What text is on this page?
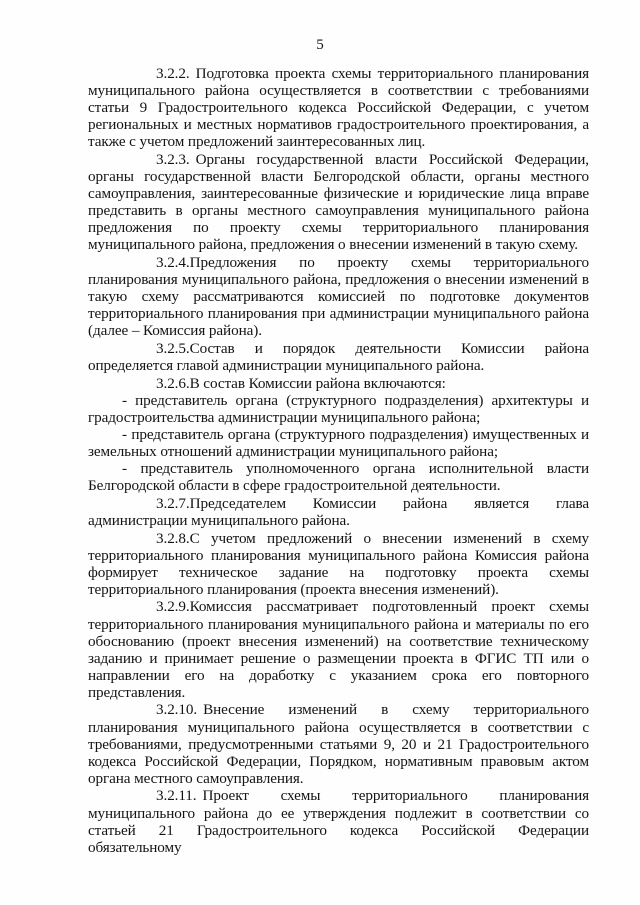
5

3.2.2. Подготовка проекта схемы территориального планирования муниципального района осуществляется в соответствии с требованиями статьи 9 Градостроительного кодекса Российской Федерации, с учетом региональных и местных нормативов градостроительного проектирования, а также с учетом предложений заинтересованных лиц.

3.2.3. Органы государственной власти Российской Федерации, органы государственной власти Белгородской области, органы местного самоуправления, заинтересованные физические и юридические лица вправе представить в органы местного самоуправления муниципального района предложения по проекту схемы территориального планирования муниципального района, предложения о внесении изменений в такую схему.

3.2.4.Предложения по проекту схемы территориального планирования муниципального района, предложения о внесении изменений в такую схему рассматриваются комиссией по подготовке документов территориального планирования при администрации муниципального района (далее – Комиссия района).

3.2.5.Состав и порядок деятельности Комиссии района определяется главой администрации муниципального района.

3.2.6.В состав Комиссии района включаются:

- представитель органа (структурного подразделения) архитектуры и градостроительства администрации муниципального района;

- представитель органа (структурного подразделения) имущественных и земельных отношений администрации муниципального района;

- представитель уполномоченного органа исполнительной власти Белгородской области в сфере градостроительной деятельности.

3.2.7.Председателем Комиссии района является глава администрации муниципального района.

3.2.8.С учетом предложений о внесении изменений в схему территориального планирования муниципального района Комиссия района формирует техническое задание на подготовку проекта схемы территориального планирования (проекта внесения изменений).

3.2.9.Комиссия рассматривает подготовленный проект схемы территориального планирования муниципального района и материалы по его обоснованию (проект внесения изменений) на соответствие техническому заданию и принимает решение о размещении проекта в ФГИС ТП или о направлении его на доработку с указанием срока его повторного представления.

3.2.10. Внесение изменений в схему территориального планирования муниципального района осуществляется в соответствии с требованиями, предусмотренными статьями 9, 20 и 21 Градостроительного кодекса Российской Федерации, Порядком, нормативным правовым актом органа местного самоуправления.

3.2.11. Проект схемы территориального планирования муниципального района до ее утверждения подлежит в соответствии со статьей 21 Градостроительного кодекса Российской Федерации обязательному
